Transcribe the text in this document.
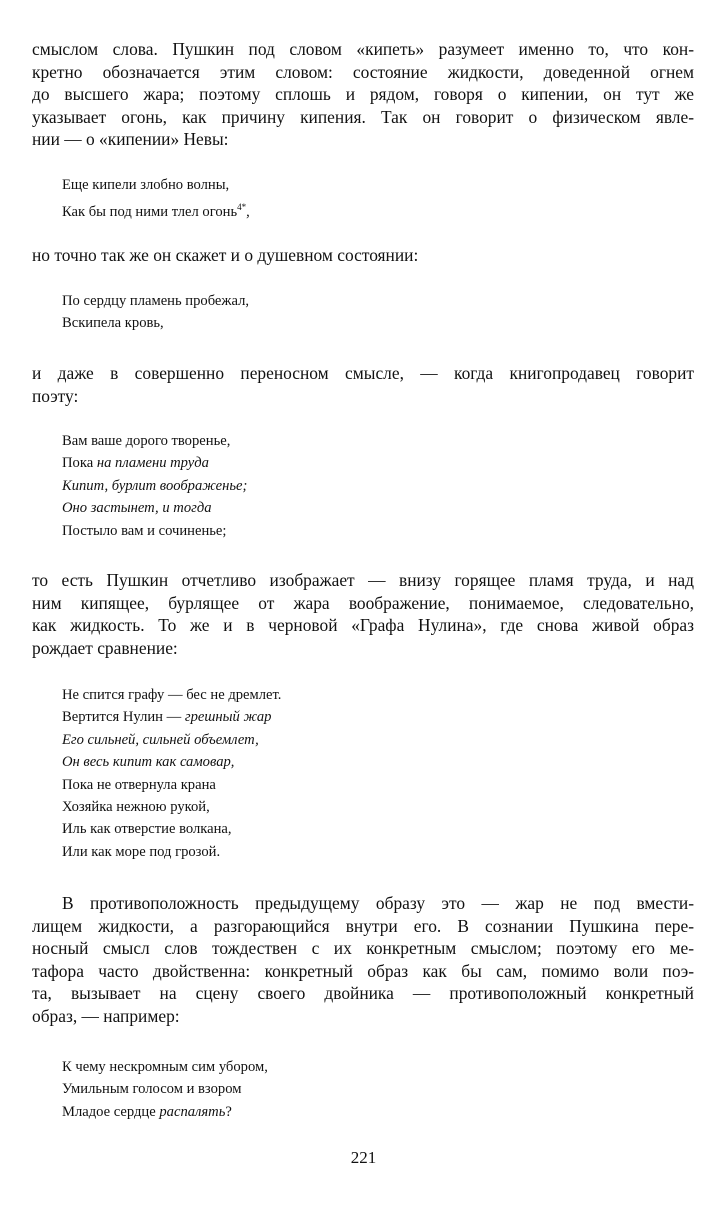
смыслом слова. Пушкин под словом «кипеть» разумеет именно то, что кон-
кретно обозначается этим словом: состояние жидкости, доведенной огнем
до высшего жара; поэтому сплошь и рядом, говоря о кипении, он тут же
указывает огонь, как причину кипения. Так он говорит о физическом явле-
нии — о «кипении» Невы:
Еще кипели злобно волны,
Как бы под ними тлел огонь$^{4*}$,
но точно так же он скажет и о душевном состоянии:
По сердцу пламень пробежал,
Вскипела кровь,
и даже в совершенно переносном смысле, — когда книгопродавец говорит
поэту:
Вам ваше дорого творенье,
Пока на пламени труда
Кипит, бурлит воображенье;
Оно застынет, и тогда
Постыло вам и сочиненье;
то есть Пушкин отчетливо изображает — внизу горящее пламя труда, и над
ним кипящее, бурлящее от жара воображение, понимаемое, следовательно,
как жидкость. То же и в черновой «Графа Нулина», где снова живой образ
рождает сравнение:
Не спится графу — бес не дремлет.
Вертится Нулин — грешный жар
Его сильней, сильней объемлет,
Он весь кипит как самовар,
Пока не отвернула крана
Хозяйка нежною рукой,
Иль как отверстие волкана,
Или как море под грозой.
В противоположность предыдущему образу это — жар не под вмести-
лищем жидкости, а разгорающийся внутри его. В сознании Пушкина пере-
носный смысл слов тождествен с их конкретным смыслом; поэтому его ме-
тафора часто двойственна: конкретный образ как бы сам, помимо воли поэ-
та, вызывает на сцену своего двойника — противоположный конкретный
образ, — например:
К чему нескромным сим убором,
Умильным голосом и взором
Младое сердце распалять?
221
